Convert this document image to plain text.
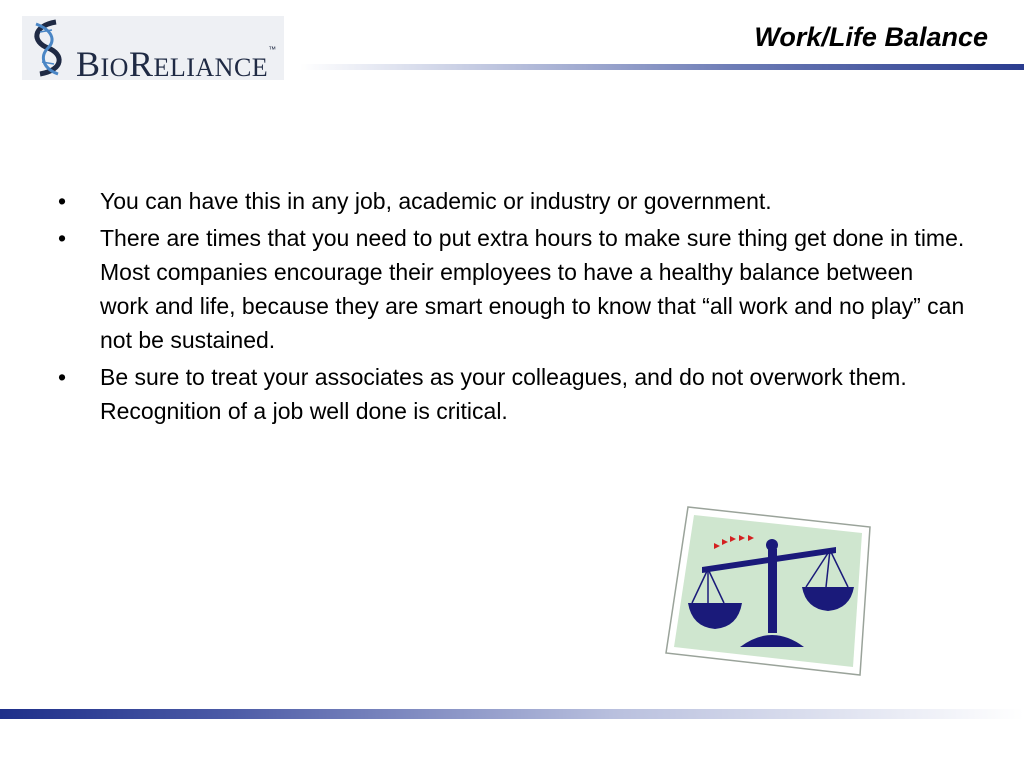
BIORELIANCE™	Work/Life Balance
• You can have this in any job, academic or industry or government.
• There are times that you need to put extra hours to make sure thing get done in time. Most companies encourage their employees to have a healthy balance between work and life, because they are smart enough to know that “all work and no play” can not be sustained.
• Be sure to treat your associates as your colleagues, and do not overwork them. Recognition of a job well done is critical.
